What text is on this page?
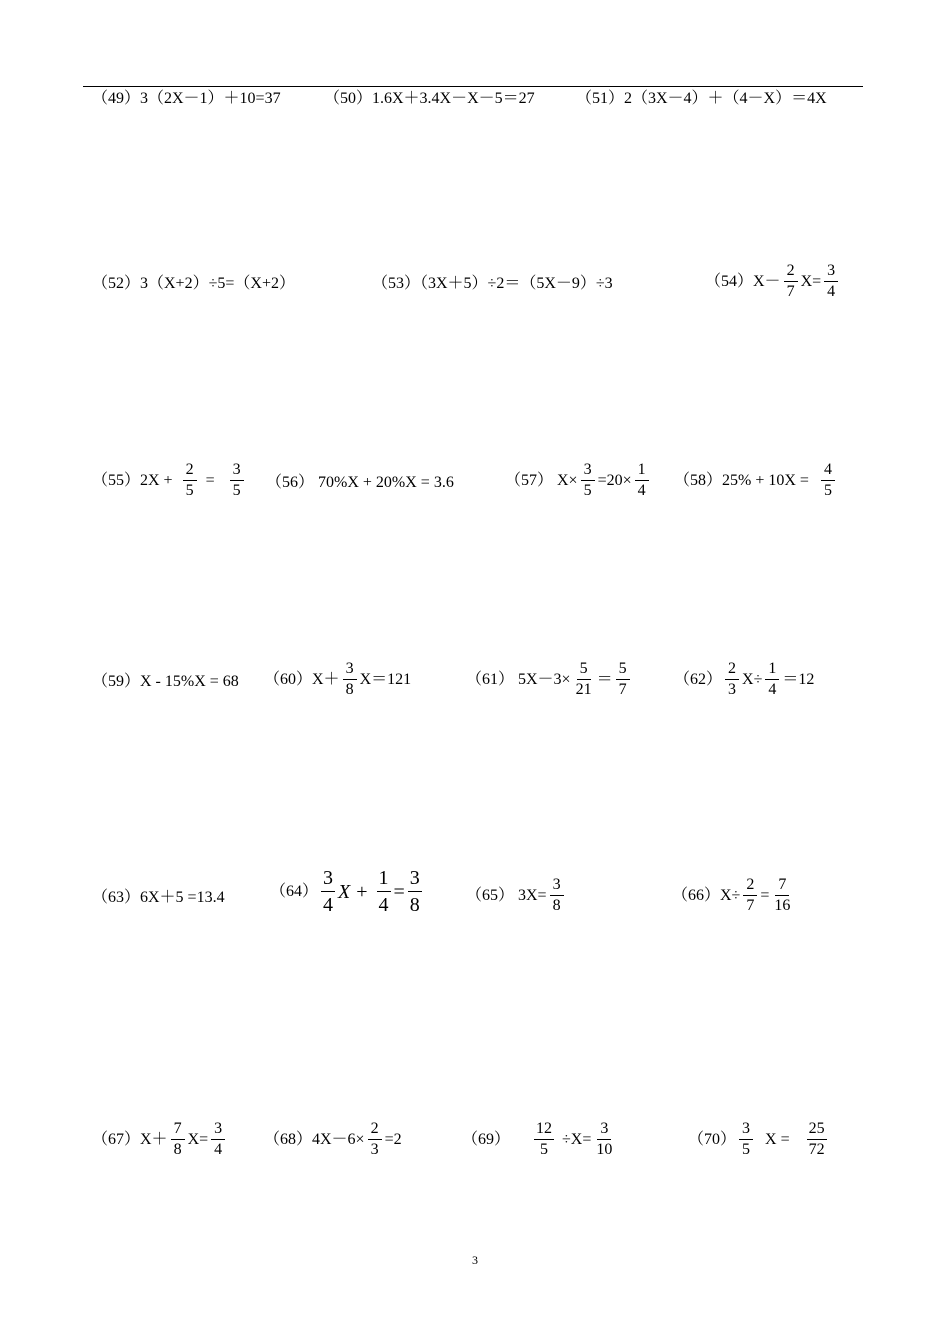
（49）3（2X－1）＋10=37	（50）1.6X＋3.4X－X－5＝27	（51）2（3X－4）＋（4－X）＝4X
（52）3（X+2）÷5=（X+2）	（53）（3X＋5）÷2＝（5X－9）÷3	$(54)X- \frac{2}{7} X= \frac{3}{4}$
$(55)2X + \frac{2}{5} = \frac{3}{5} (56) 70\%X + 20\%X = 3.6$	（57） $X\times \frac{3}{5} =20\times \frac{1}{4} (58)25\% + 10X = \frac{4}{5}$
（59）X - 15%X = 68 $(60)X+ \frac{3}{8} X=121$	（61） $5X-3\times \frac{5}{21} = \frac{5}{7}$	$(62) \frac{2}{3} X\div \frac{1}{4} =12$
（63）6X＋5 =13.4	$(64) \frac{3}{4}$ $X + \frac{1}{4} = \frac{3}{8}$	（65） $3X= \frac{3}{8}$	$(66)X\div \frac{2}{7} = \frac{7}{16}$
$(67)X+ \frac{7}{8} X= \frac{3}{4} (68)4X-6\times \frac{2}{3} =2$	$(69) \frac{12}{5} \div X= \frac{3}{10}$	$(70) \frac{3}{5}$ $X = \frac{25}{72}$
3
